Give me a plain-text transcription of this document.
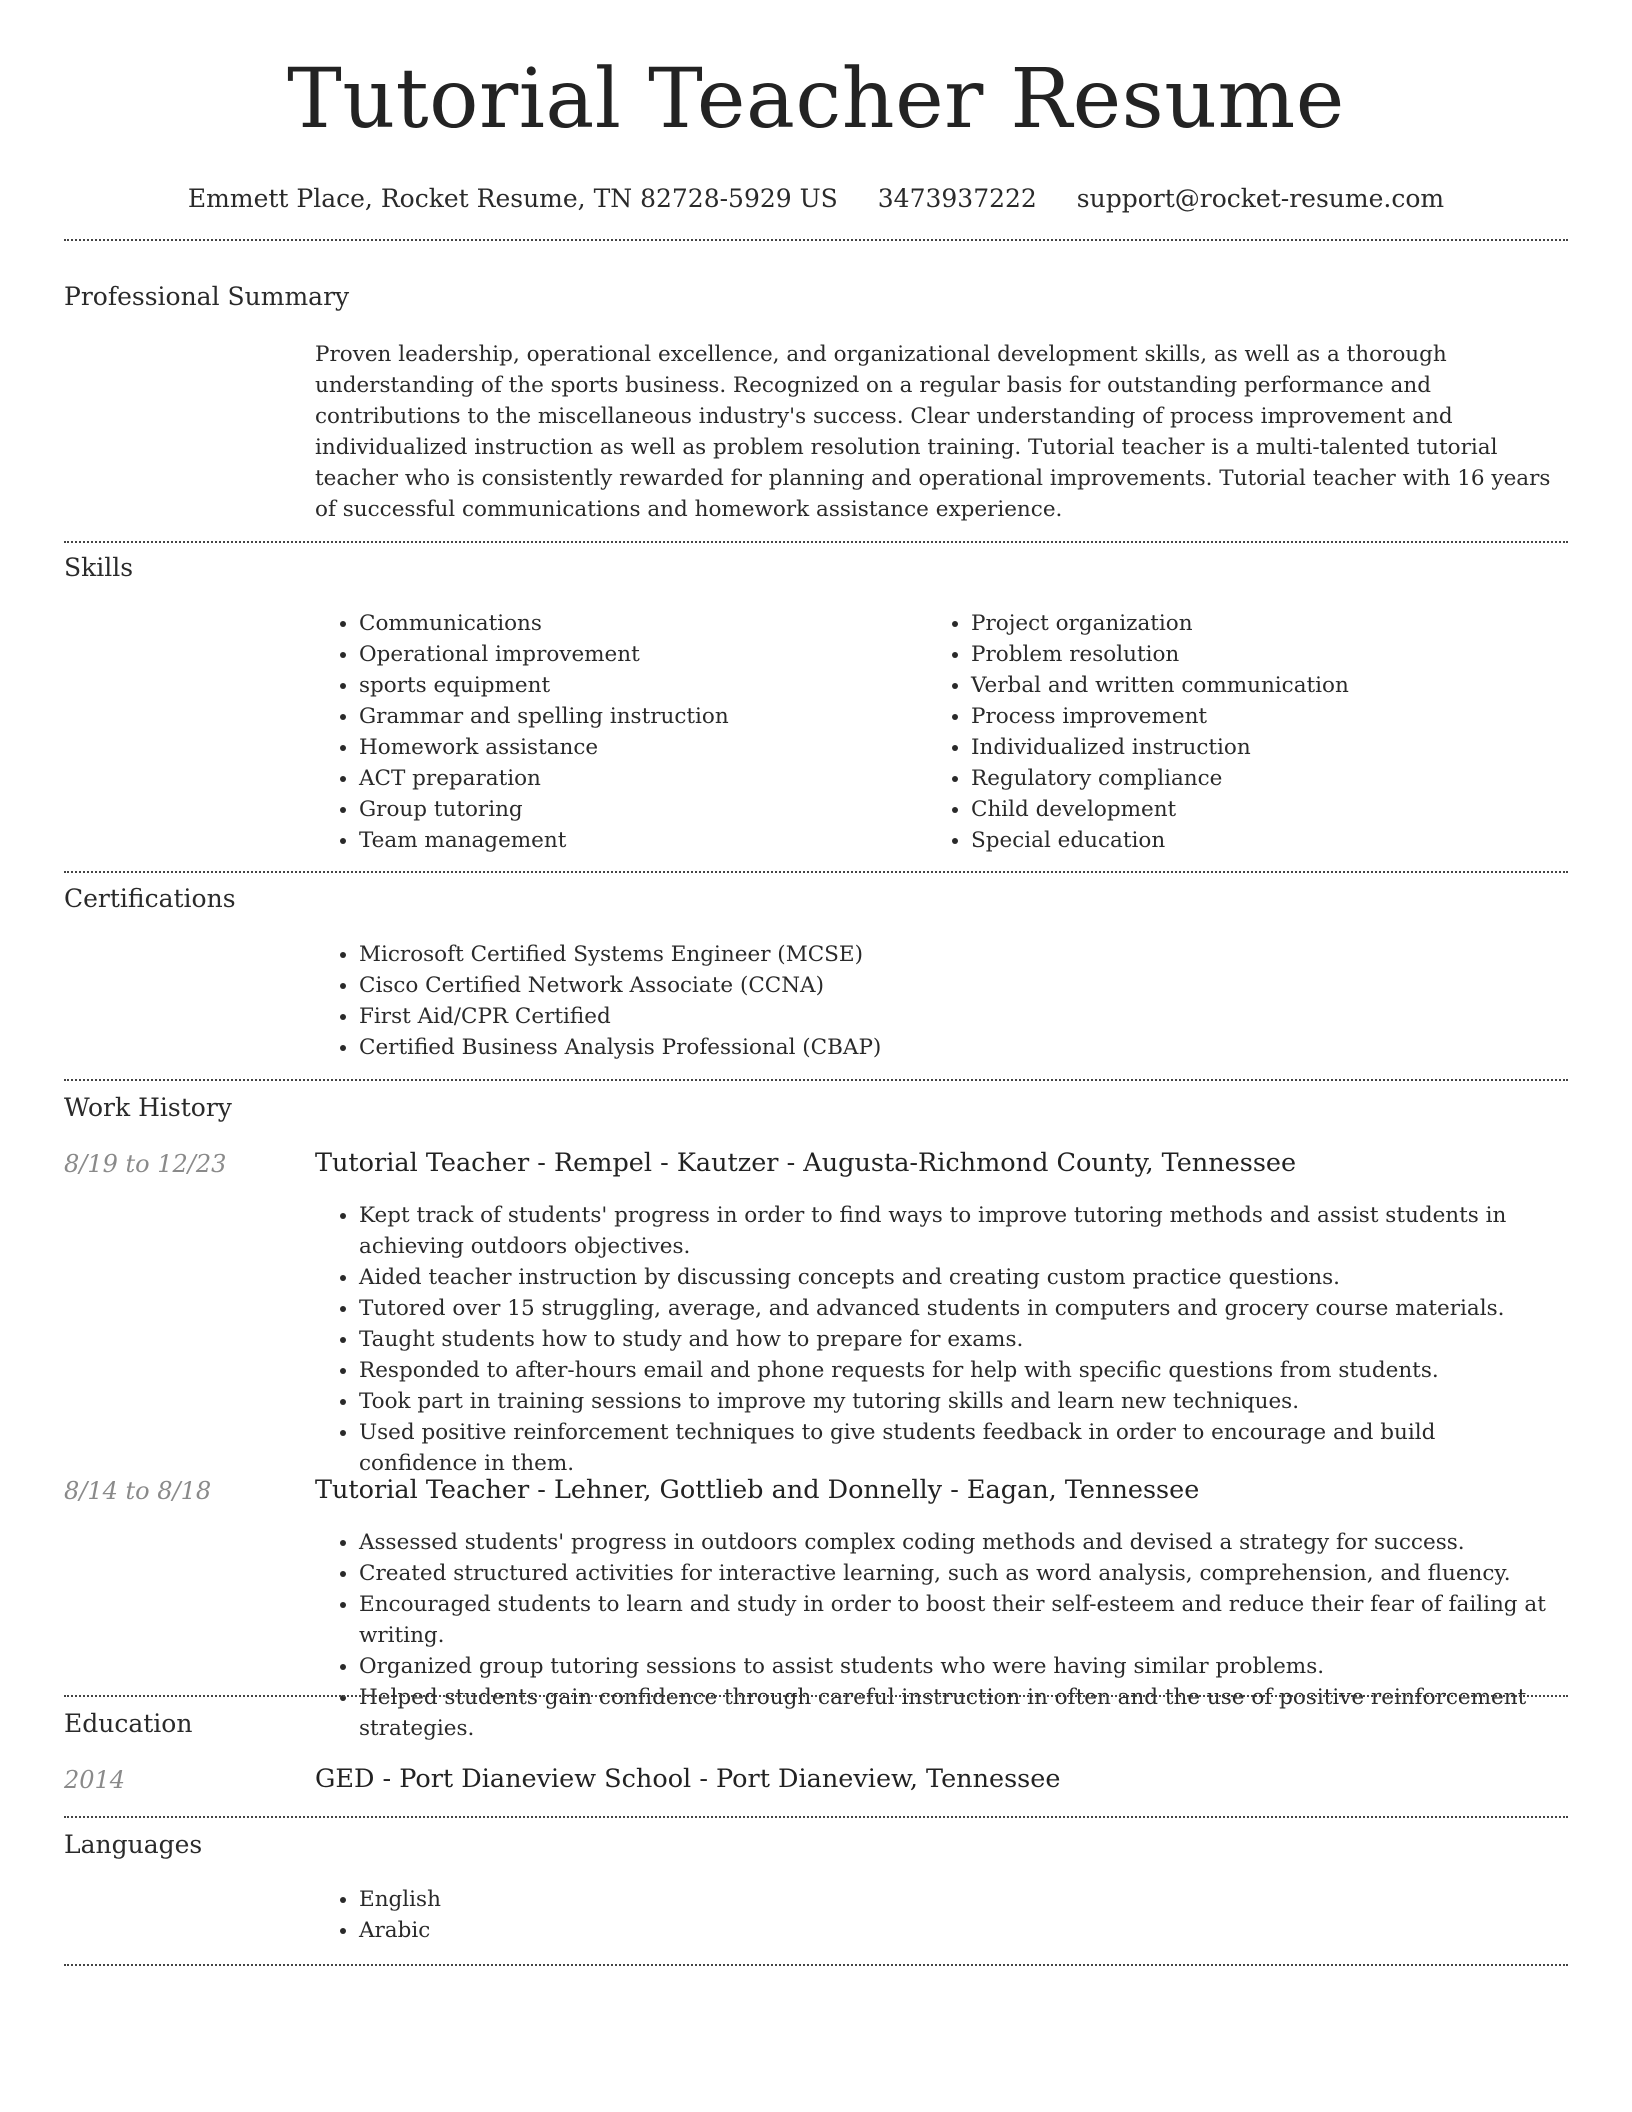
Tutorial Teacher Resume
Emmett Place, Rocket Resume, TN 82728-5929 US 3473937222 support@rocket-resume.com
Professional Summary
Proven leadership, operational excellence, and organizational development skills, as well as a thorough understanding of the sports business. Recognized on a regular basis for outstanding performance and contributions to the miscellaneous industry's success. Clear understanding of process improvement and individualized instruction as well as problem resolution training. Tutorial teacher is a multi-talented tutorial teacher who is consistently rewarded for planning and operational improvements. Tutorial teacher with 16 years of successful communications and homework assistance experience.
Skills
• Communications
• Operational improvement
• sports equipment
• Grammar and spelling instruction
• Homework assistance
• ACT preparation
• Group tutoring
• Team management
• Project organization
• Problem resolution
• Verbal and written communication
• Process improvement
• Individualized instruction
• Regulatory compliance
• Child development
• Special education
Certifications
• Microsoft Certified Systems Engineer (MCSE)
• Cisco Certified Network Associate (CCNA)
• First Aid/CPR Certified
• Certified Business Analysis Professional (CBAP)
Work History
8/19 to 12/23	Tutorial Teacher - Rempel - Kautzer - Augusta-Richmond County, Tennessee
• Kept track of students' progress in order to find ways to improve tutoring methods and assist students in achieving outdoors objectives.
• Aided teacher instruction by discussing concepts and creating custom practice questions.
• Tutored over 15 struggling, average, and advanced students in computers and grocery course materials.
• Taught students how to study and how to prepare for exams.
• Responded to after-hours email and phone requests for help with specific questions from students.
• Took part in training sessions to improve my tutoring skills and learn new techniques.
• Used positive reinforcement techniques to give students feedback in order to encourage and build confidence in them.
8/14 to 8/18	Tutorial Teacher - Lehner, Gottlieb and Donnelly - Eagan, Tennessee
• Assessed students' progress in outdoors complex coding methods and devised a strategy for success.
• Created structured activities for interactive learning, such as word analysis, comprehension, and fluency.
• Encouraged students to learn and study in order to boost their self-esteem and reduce their fear of failing at writing.
• Organized group tutoring sessions to assist students who were having similar problems.
• Helped students gain confidence through careful instruction in often and the use of positive reinforcement strategies.
Education
2014	GED - Port Dianeview School - Port Dianeview, Tennessee
Languages
• English
• Arabic
